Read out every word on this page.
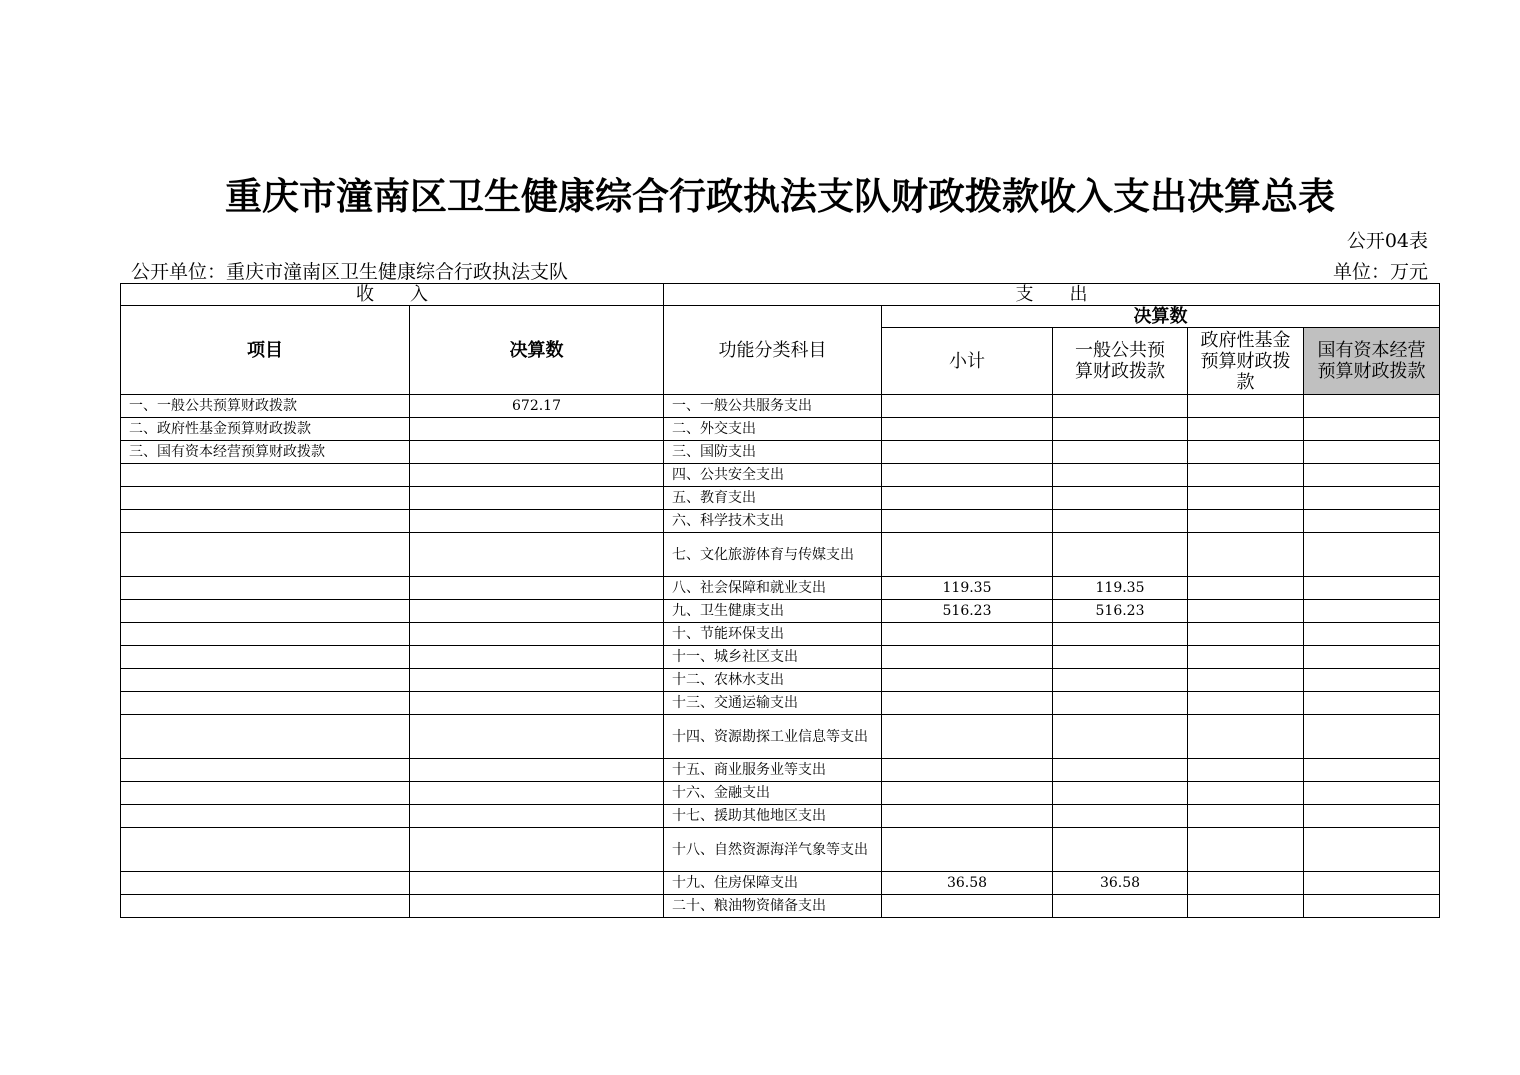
重庆市潼南区卫生健康综合行政执法支队财政拨款收入支出决算总表
公开04表
公开单位：重庆市潼南区卫生健康综合行政执法支队	单位：万元
收　　入		支　　出				
项目	决算数	功能分类科目	决算数			
			小计	一般公共预算财政拨款	政府性基金预算财政拨款	国有资本经营预算财政拨款
一、一般公共预算财政拨款	672.17	一、一般公共服务支出				
二、政府性基金预算财政拨款		二、外交支出				
三、国有资本经营预算财政拨款		三、国防支出				
		四、公共安全支出				
		五、教育支出				
		六、科学技术支出				
		七、文化旅游体育与传媒支出				
		八、社会保障和就业支出	119.35	119.35		
		九、卫生健康支出	516.23	516.23		
		十、节能环保支出				
		十一、城乡社区支出				
		十二、农林水支出				
		十三、交通运输支出				
		十四、资源勘探工业信息等支出				
		十五、商业服务业等支出				
		十六、金融支出				
		十七、援助其他地区支出				
		十八、自然资源海洋气象等支出				
		十九、住房保障支出	36.58	36.58		
		二十、粮油物资储备支出				
